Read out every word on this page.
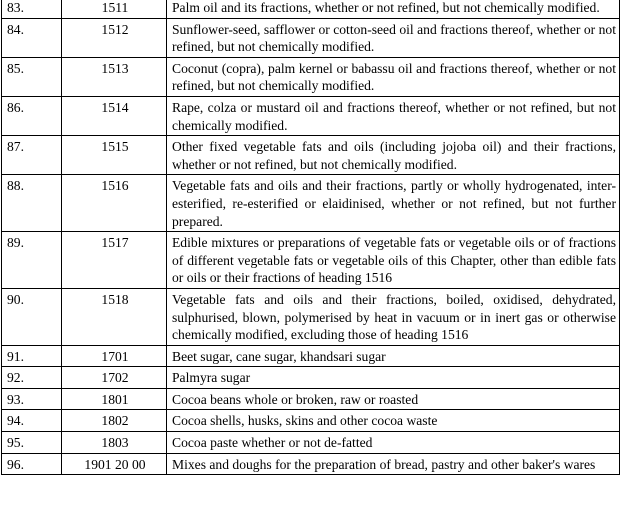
83.	1511	Palm oil and its fractions, whether or not refined, but not chemically modified.
84.	1512	Sunflower-seed, safflower or cotton-seed oil and fractions thereof, whether or not refined, but not chemically modified.
85.	1513	Coconut (copra), palm kernel or babassu oil and fractions thereof, whether or not refined, but not chemically modified.
86.	1514	Rape, colza or mustard oil and fractions thereof, whether or not refined, but not chemically modified.
87.	1515	Other fixed vegetable fats and oils (including jojoba oil) and their fractions, whether or not refined, but not chemically modified.
88.	1516	Vegetable fats and oils and their fractions, partly or wholly hydrogenated, inter-esterified, re-esterified or elaidinised, whether or not refined, but not further prepared.
89.	1517	Edible mixtures or preparations of vegetable fats or vegetable oils or of fractions of different vegetable fats or vegetable oils of this Chapter, other than edible fats or oils or their fractions of heading 1516
90.	1518	Vegetable fats and oils and their fractions, boiled, oxidised, dehydrated, sulphurised, blown, polymerised by heat in vacuum or in inert gas or otherwise chemically modified, excluding those of heading 1516
91.	1701	Beet sugar, cane sugar, khandsari sugar
92.	1702	Palmyra sugar
93.	1801	Cocoa beans whole or broken, raw or roasted
94.	1802	Cocoa shells, husks, skins and other cocoa waste
95.	1803	Cocoa paste whether or not de-fatted
96.	1901 20 00	Mixes and doughs for the preparation of bread, pastry and other baker's wares
